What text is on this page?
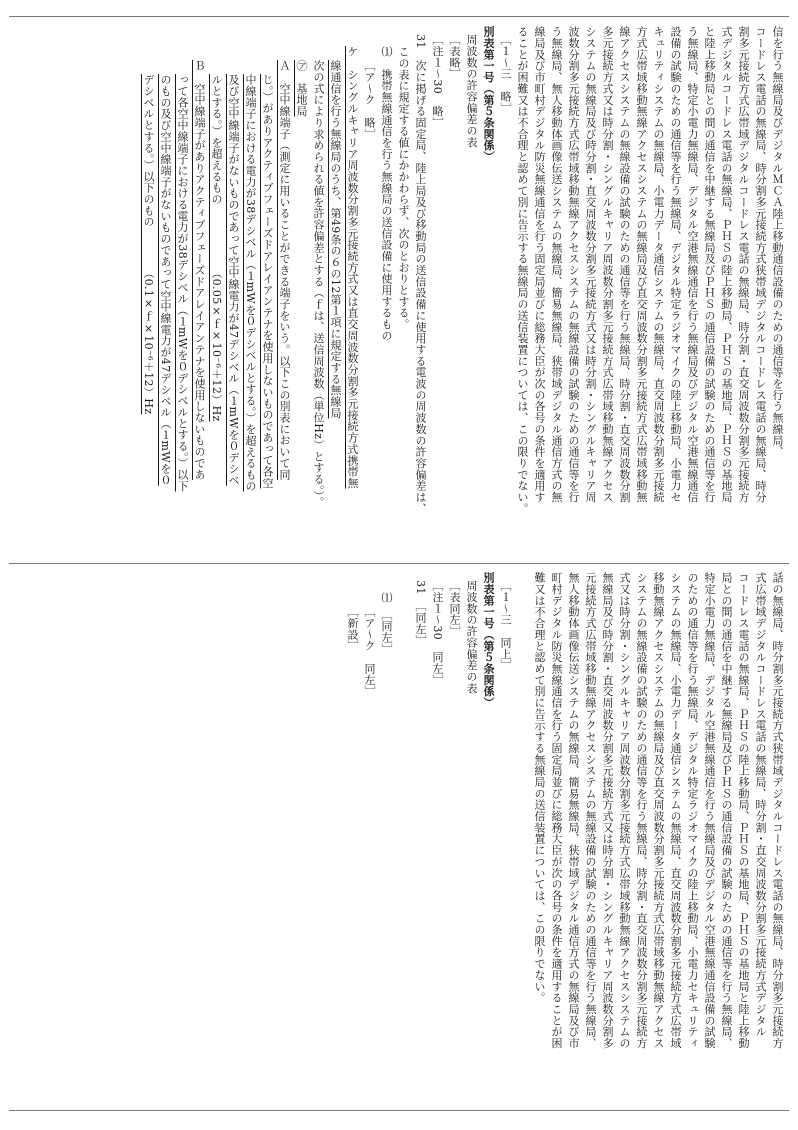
信を行う無線局及びデジタルＭＣＡ陸上移動通信設備のための通信等を行う無線局、
コードレス電話の無線局、時分割多元接続方式狭帯域デジタルコードレス電話の無線局、時分
割多元接続方式広帯域デジタルコードレス電話の無線局、時分割・直交周波数分割多元接続方
式デジタルコードレス電話の無線局、ＰＨＳの陸上移動局、ＰＨＳの基地局、ＰＨＳの基地局
と陸上移動局との間の通信を中継する無線局及びＰＨＳの通信設備の試験のための通信等を行
う無線局、特定小電力無線局、デジタル空港無線通信を行う無線局及びデジタル空港無線通信
設備の試験のための通信等を行う無線局、デジタル特定ラジオマイクの陸上移動局、小電力セ
キュリティシステムの無線局、小電力データ通信システムの無線局、直交周波数分割多元接続
方式広帯域移動無線アクセスシステムの無線局及び直交周波数分割多元接続方式広帯域移動無
線アクセスシステムの無線設備の試験のための通信等を行う無線局、時分割・直交周波数分割
多元接続方式又は時分割・シングルキャリア周波数分割多元接続方式広帯域移動無線アクセス
システムの無線局及び時分割・直交周波数分割多元接続方式又は時分割・シングルキャリア周
波数分割多元接続方式広帯域移動無線アクセスシステムの無線設備の試験のための通信等を行
う無線局、無人移動体画像伝送システムの無線局、簡易無線局、狭帯域デジタル通信方式の無
線局及び市町村デジタル防災無線通信を行う固定局並びに総務大臣が次の各号の条件を適用す
ることが困難又は不合理と認めて別に告示する無線局の送信装置については、この限りでない。
［１～三　略］
別表第一号（第５条関係）
周波数の許容偏差の表
［表略］
［注１～30　略］
31　次に掲げる固定局、陸上局及び移動局の送信設備に使用する電波の周波数の許容偏差は、
この表に規定する値にかかわらず、次のとおりとする。
⑴　携帯無線通信を行う無線局の送信設備に使用するもの
［ア～ク　略］
ケ　シングルキャリア周波数分割多元接続方式又は直交周波数分割多元接続方式携帯無
線通信を行う無線局のうち、第49条の６の12第１項に規定する無線局
次の式により求められる値を許容偏差とする（ｆは、送信周波数（単位Hz）とする。）。
㋐　基地局
Ａ　空中線端子（測定に用いることができる端子をいう。以下この別表において同
じ。）がありアクティブフェーズドアレイアンテナを使用しないものであって各空
中線端子における電力が38デシベル（１mWを０デシベルとする。）を超えるもの
及び空中線端子がないものであって空中線電力が47デシベル（１mWを０デシベ
ルとする。）を超えるもの　　　　　　（0.05×ｆ×10⁻⁶＋12）Hz
Ｂ　空中線端子がありアクティブフェーズドアレイアンテナを使用しないものであ
って各空中線端子における電力が38デシベル（１mWを０デシベルとする。）以下
のもの及び空中線端子がないものであって空中線電力が47デシベル（１mWを０
デシベルとする。）以下のもの　　　　（0.1×ｆ×10⁻⁶＋12）Hz
話の無線局、時分割多元接続方式狭帯域デジタルコードレス電話の無線局、時分割多元接続方
式広帯域デジタルコードレス電話の無線局、時分割・直交周波数分割多元接続方式デジタル
コードレス電話の無線局、ＰＨＳの陸上移動局、ＰＨＳの基地局、ＰＨＳの基地局と陸上移動
局との間の通信を中継する無線局及びＰＨＳの通信設備の試験のための通信等を行う無線局、
特定小電力無線局、デジタル空港無線通信を行う無線局及びデジタル空港無線通信設備の試験
のための通信等を行う無線局、デジタル特定ラジオマイクの陸上移動局、小電力セキュリティ
システムの無線局、小電力データ通信システムの無線局、直交周波数分割多元接続方式広帯域
移動無線アクセスシステムの無線局及び直交周波数分割多元接続方式広帯域移動無線アクセス
システムの無線設備の試験のための通信等を行う無線局、時分割・直交周波数分割多元接続方
式又は時分割・シングルキャリア周波数分割多元接続方式広帯域移動無線アクセスシステムの
無線局及び時分割・直交周波数分割多元接続方式又は時分割・シングルキャリア周波数分割多
元接続方式広帯域移動無線アクセスシステムの無線設備の試験のための通信等を行う無線局、
無人移動体画像伝送システムの無線局、簡易無線局、狭帯域デジタル通信方式の無線局及び市
町村デジタル防災無線通信を行う固定局並びに総務大臣が次の各号の条件を適用することが困
難又は不合理と認めて別に告示する無線局の送信装置については、この限りでない。

［１～三　同上］
別表第一号（第５条関係）
周波数の許容偏差の表
［表同左］
［注１～30　同左］
31　［同左］

⑴　［同左］
［ア～ク　同左］
［新設］
